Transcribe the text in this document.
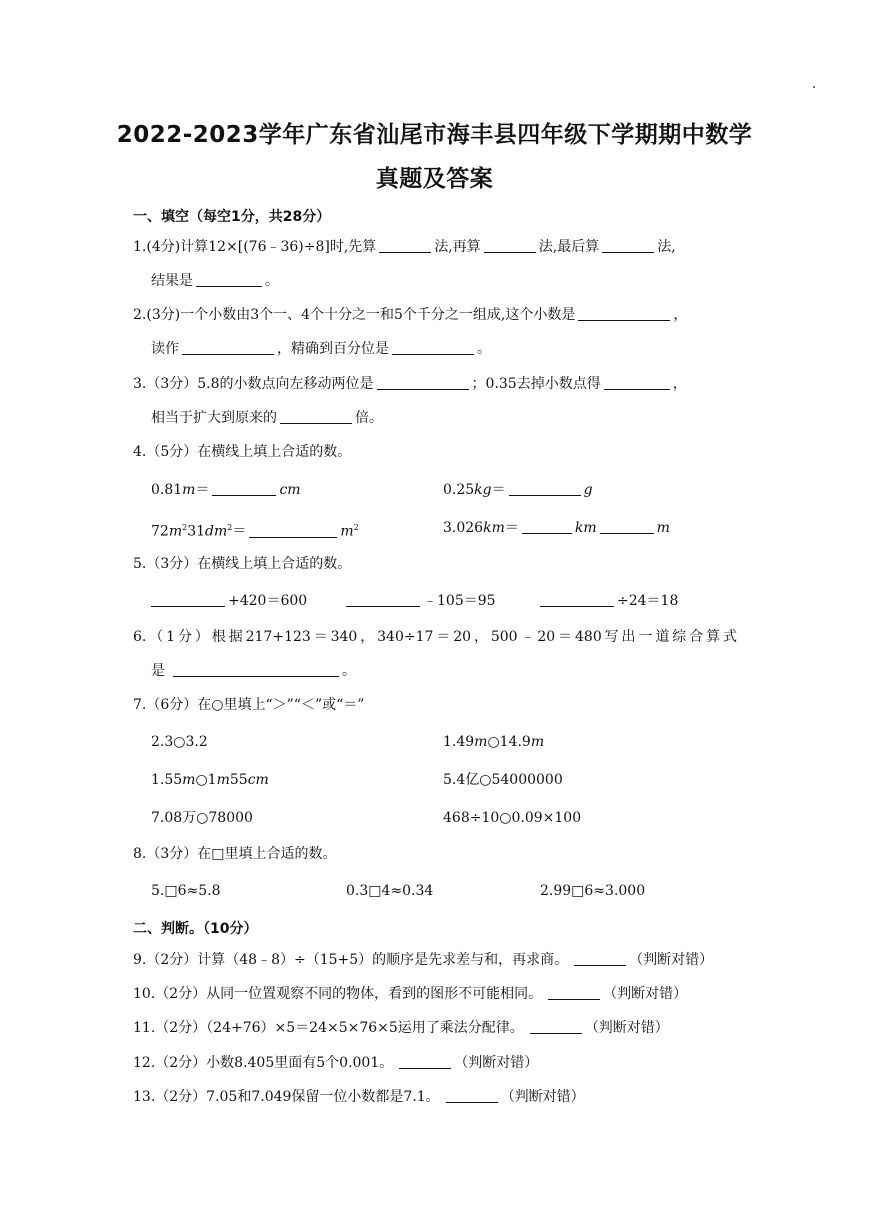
2022-2023学年广东省汕尾市海丰县四年级下学期期中数学
真题及答案
一、填空（每空1分，共28分）
1.(4分)计算12×[(76﹣36)÷8]时,先算	法,再算	法,最后算	法,
结果是	。
2.(3分)一个小数由3个一、4个十分之一和5个千分之一组成,这个小数是	，
读作	，精确到百分位是	。
3.（3分）5.8的小数点向左移动两位是	；0.35去掉小数点得	，
相当于扩大到原来的	倍。
4.（5分）在横线上填上合适的数。
0.81m＝	cm	0.25kg＝	g
$72m^231dm^2=$	$m^2$	3.026km＝	km	m
5.（3分）在横线上填上合适的数。
+420＝600	﹣105＝95	÷24＝18
6.（1分）根据217+123＝340，340÷17＝20，500﹣20＝480写出一道综合算式
是	。
7.（6分）在○里填上“＞”“＜”或“＝”
2.3○3.2	1.49m○14.9m
1.55m○1m55cm	5.4亿○54000000
7.08万○78000	468÷10○0.09×100
8.（3分）在□里填上合适的数。
5.□6≈5.8	0.3□4≈0.34	2.99□6≈3.000
二、判断。（10分）
9.（2分）计算（48﹣8）÷（15+5）的顺序是先求差与和，再求商。	（判断对错）
10.（2分）从同一位置观察不同的物体，看到的图形不可能相同。	（判断对错）
11.（2分）（24+76）×5＝24×5×76×5运用了乘法分配律。	（判断对错）
12.（2分）小数8.405里面有5个0.001。	（判断对错）
13.（2分）7.05和7.049保留一位小数都是7.1。	（判断对错）
